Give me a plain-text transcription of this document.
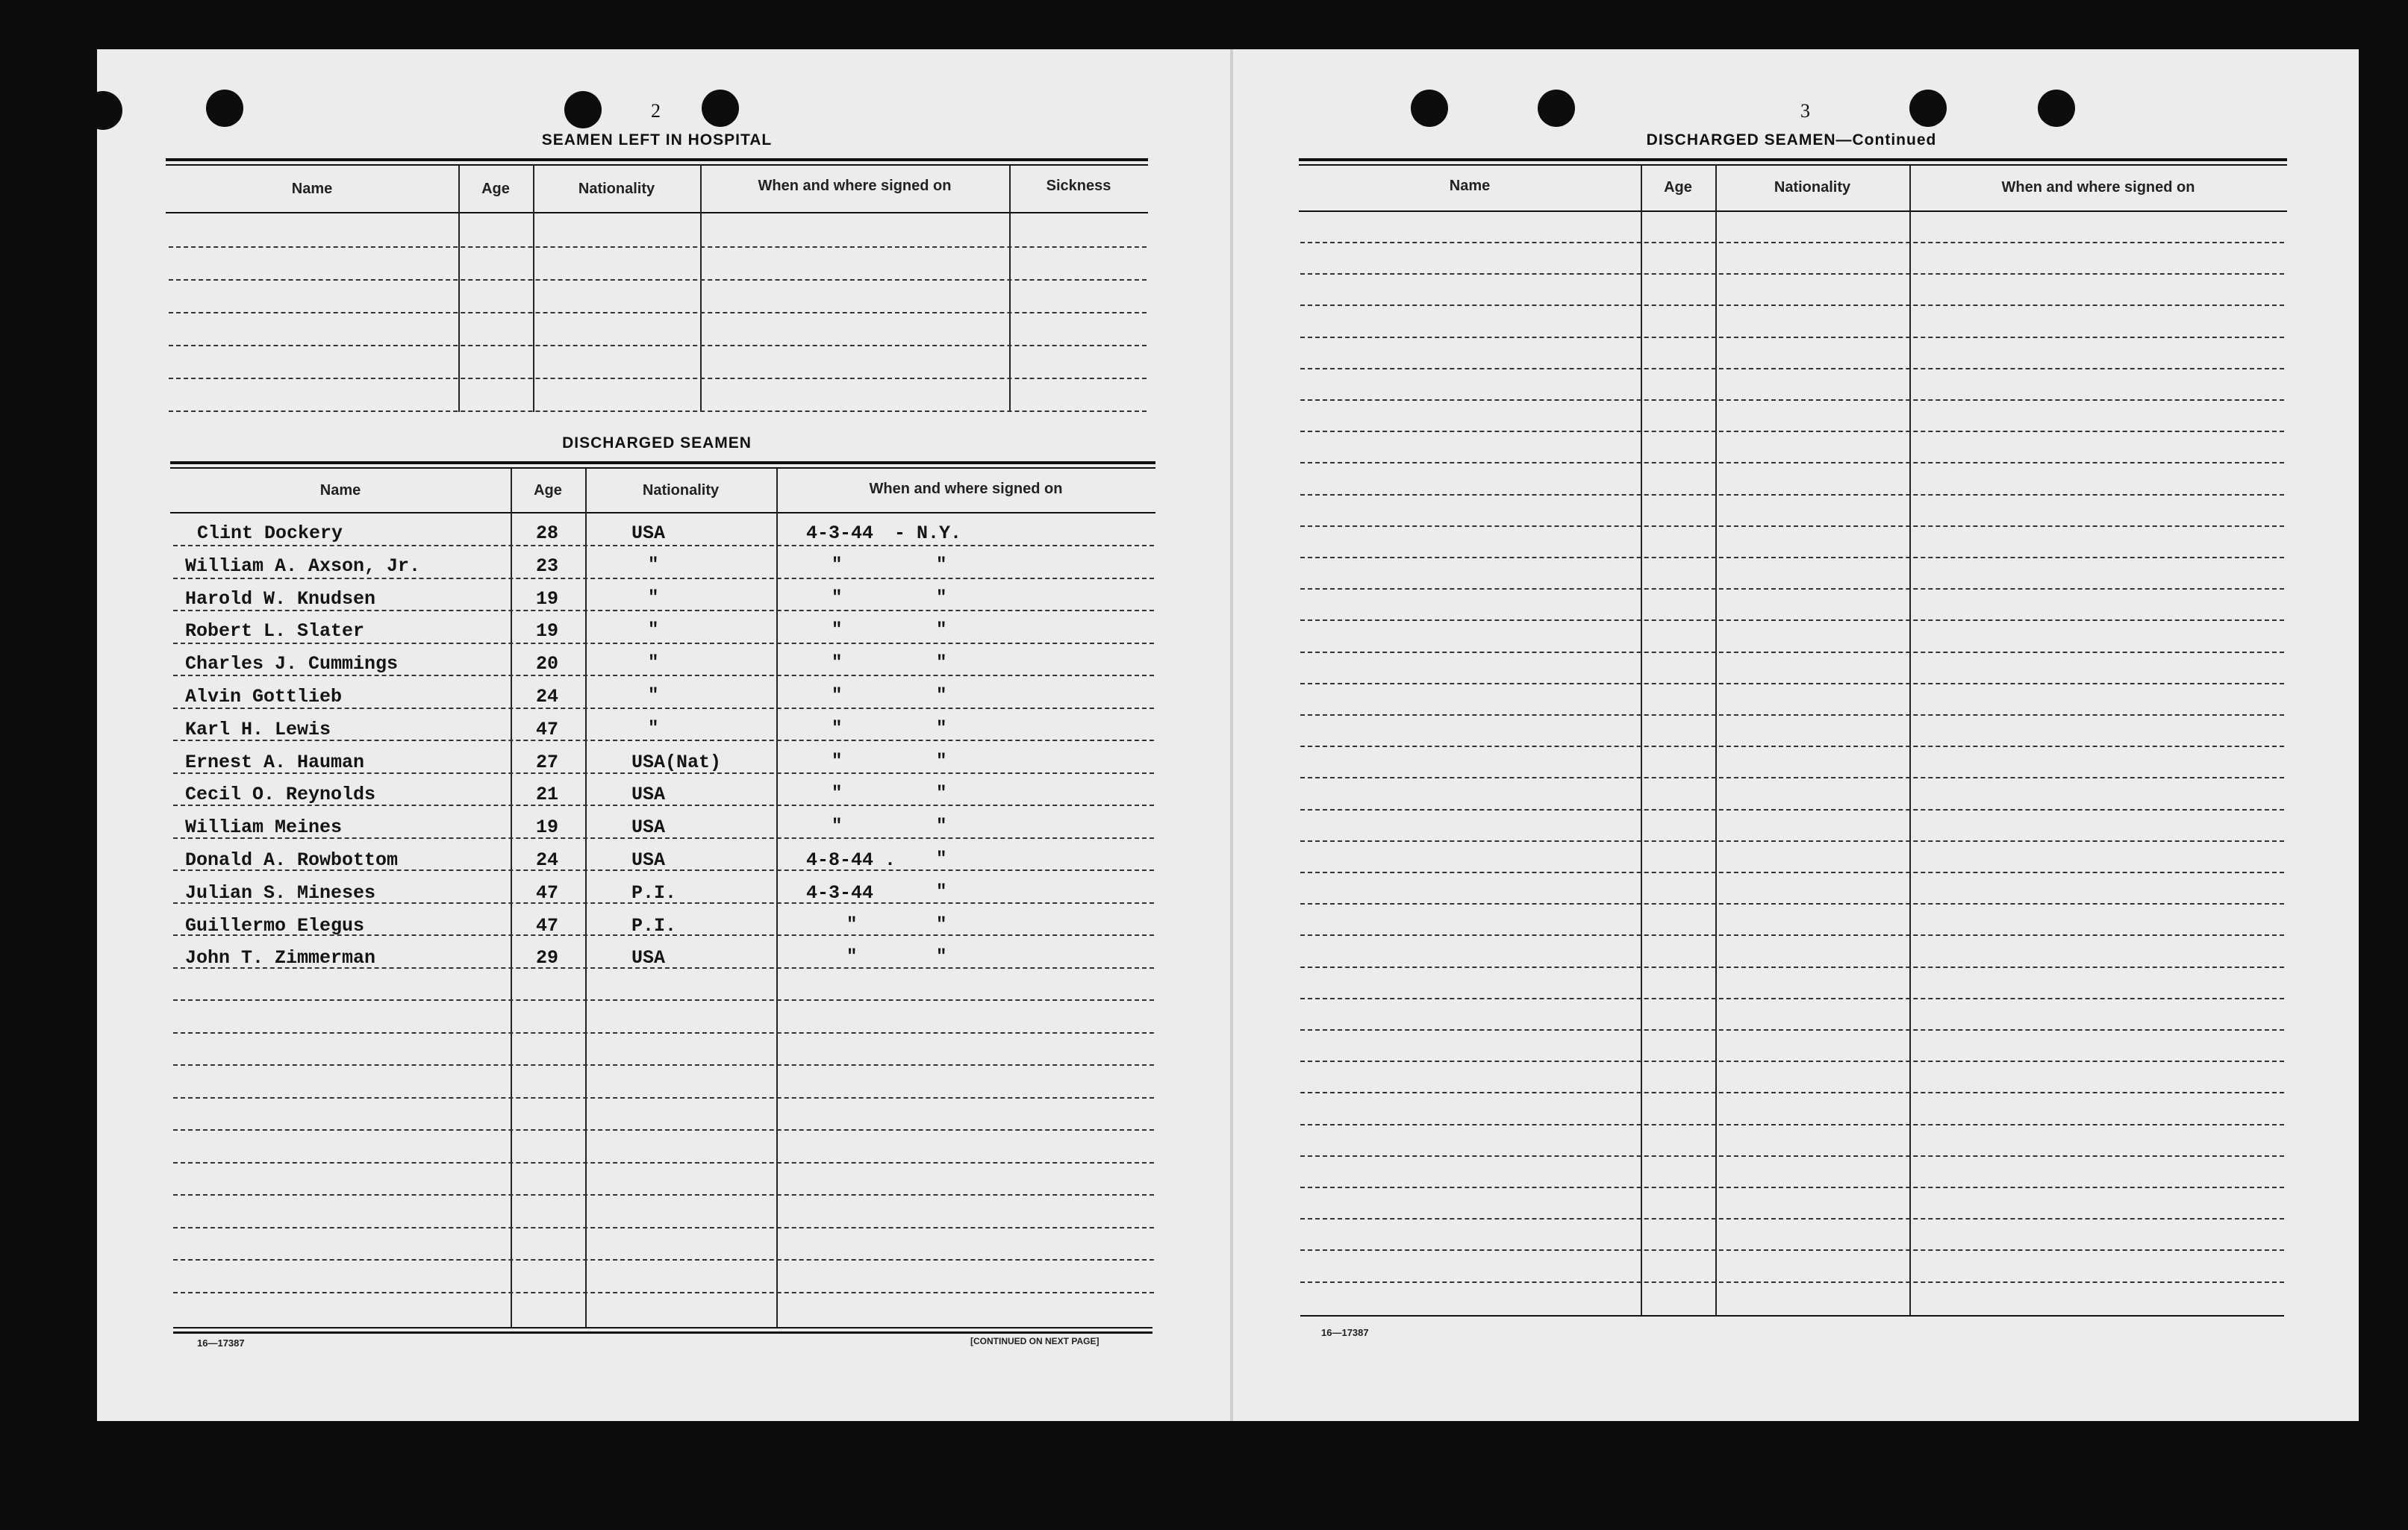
2
SEAMEN LEFT IN HOSPITAL
Name	Age	Nationality	When and where signed on	Sickness
DISCHARGED SEAMEN
Name	Age	Nationality	When and where signed on
Clint Dockery	28	USA	4-3-44 - N.Y.
William A. Axson, Jr.	23	"	"	"
Harold W. Knudsen	19	"	"	"
Robert L. Slater	19	"	"	"
Charles J. Cummings	20	"	"	"
Alvin Gottlieb	24	"	"	"
Karl H. Lewis	47	"	"	"
Ernest A. Hauman	27	USA(Nat)	"	"
Cecil O. Reynolds	21	USA	"	"
William Meines	19	USA	"	"
Donald A. Rowbottom	24	USA	4-8-44 . "
Julian S. Mineses	47	P.I.	4-3-44	"
Guillermo Elegus	47	P.I.	"	"
John T. Zimmerman	29	USA	"	"
16—17387	[CONTINUED ON NEXT PAGE]
3
DISCHARGED SEAMEN—Continued
Name	Age	Nationality	When and where signed on
16—17387
